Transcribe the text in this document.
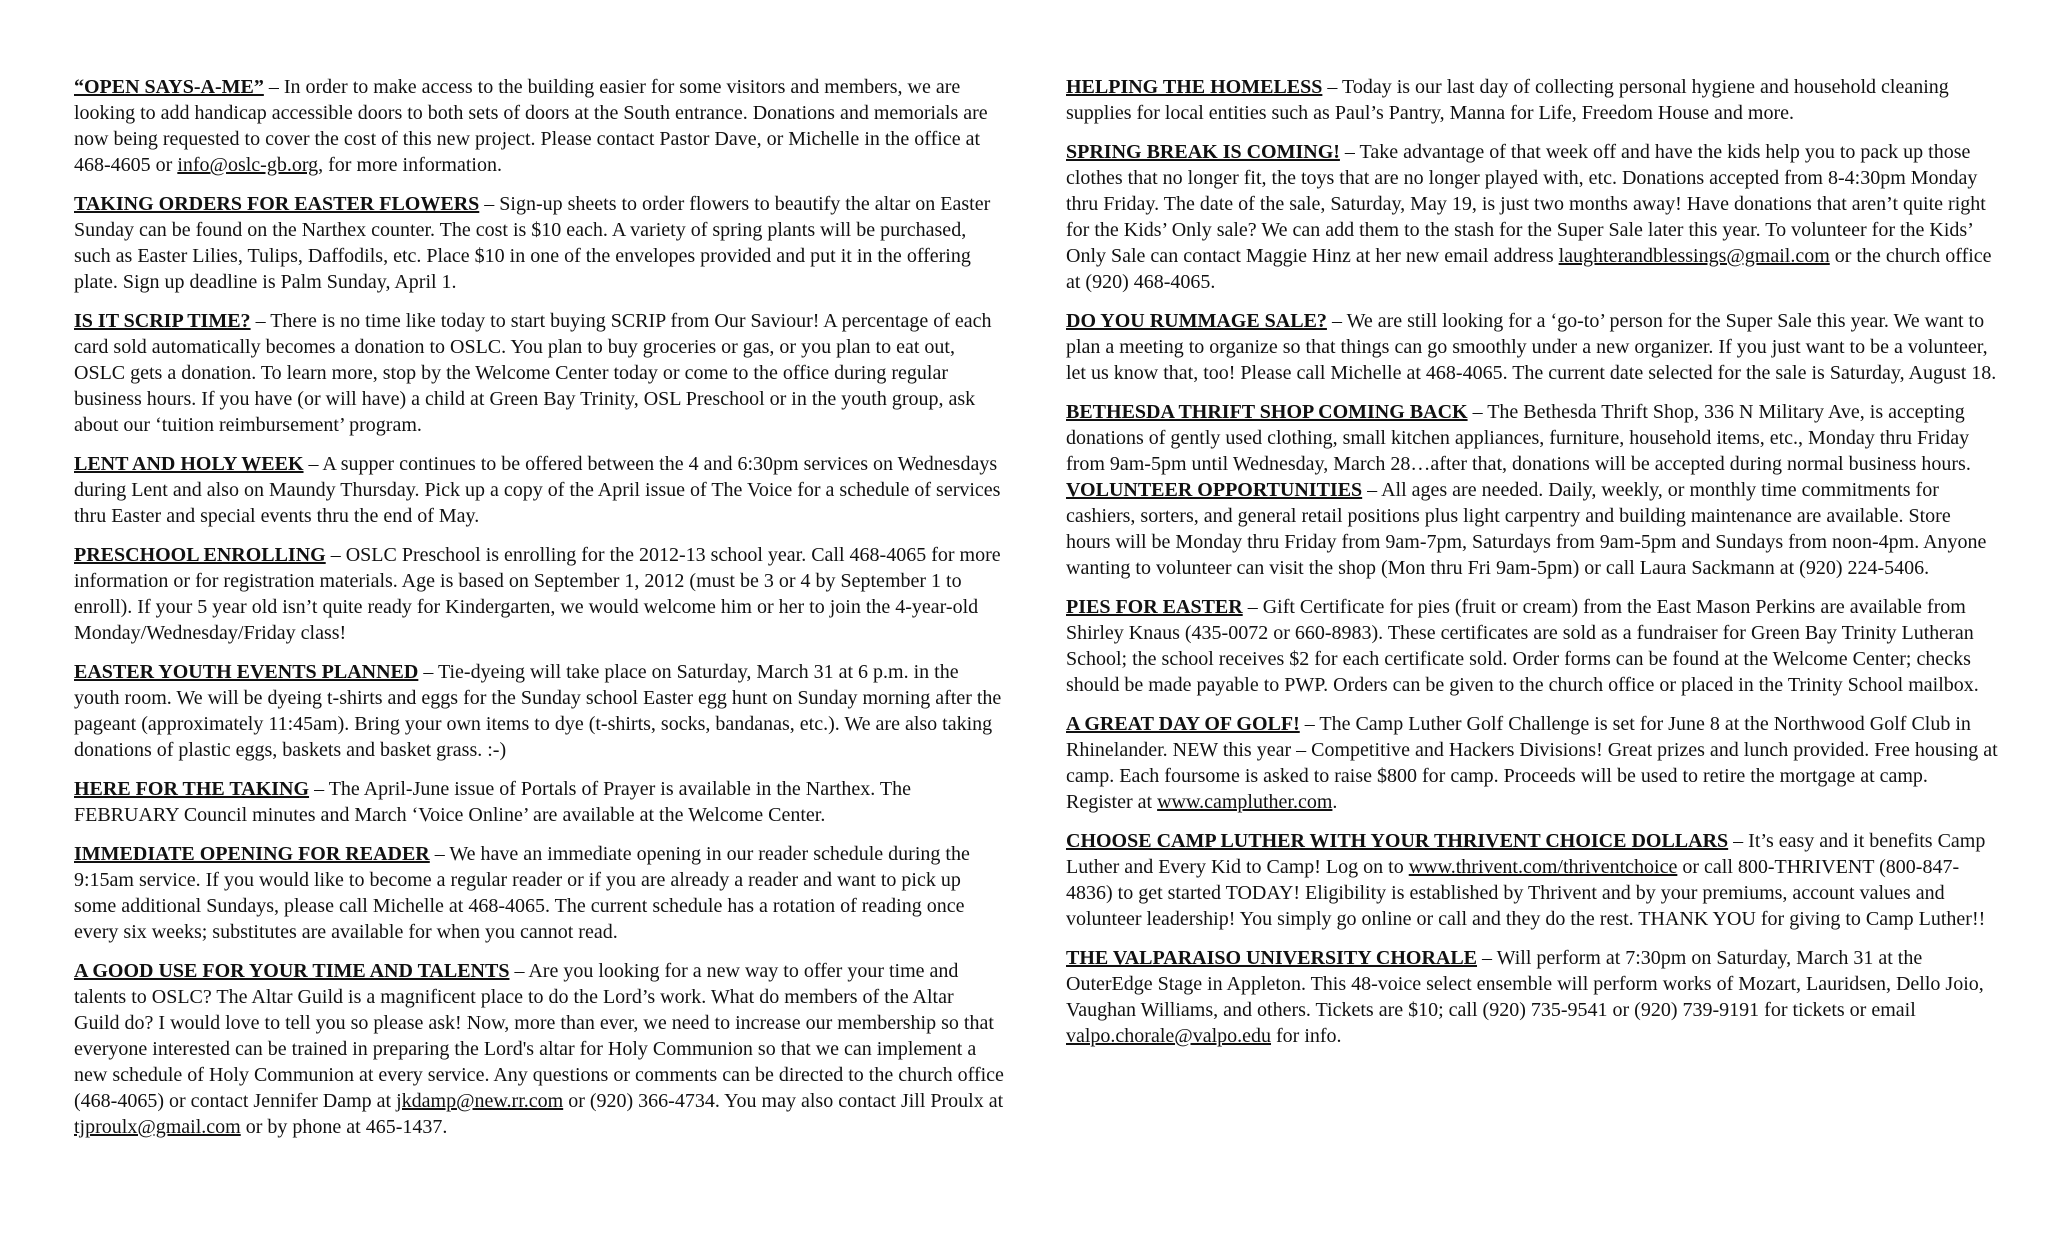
“OPEN SAYS-A-ME” – In order to make access to the building easier for some visitors and members, we are looking to add handicap accessible doors to both sets of doors at the South entrance. Donations and memorials are now being requested to cover the cost of this new project. Please contact Pastor Dave, or Michelle in the office at 468-4605 or info@oslc-gb.org, for more information.

TAKING ORDERS FOR EASTER FLOWERS – Sign-up sheets to order flowers to beautify the altar on Easter Sunday can be found on the Narthex counter. The cost is $10 each. A variety of spring plants will be purchased, such as Easter Lilies, Tulips, Daffodils, etc. Place $10 in one of the envelopes provided and put it in the offering plate. Sign up deadline is Palm Sunday, April 1.

IS IT SCRIP TIME? – There is no time like today to start buying SCRIP from Our Saviour! A percentage of each card sold automatically becomes a donation to OSLC. You plan to buy groceries or gas, or you plan to eat out, OSLC gets a donation. To learn more, stop by the Welcome Center today or come to the office during regular business hours. If you have (or will have) a child at Green Bay Trinity, OSL Preschool or in the youth group, ask about our ‘tuition reimbursement’ program.

LENT AND HOLY WEEK – A supper continues to be offered between the 4 and 6:30pm services on Wednesdays during Lent and also on Maundy Thursday. Pick up a copy of the April issue of The Voice for a schedule of services thru Easter and special events thru the end of May.

PRESCHOOL ENROLLING – OSLC Preschool is enrolling for the 2012-13 school year. Call 468-4065 for more information or for registration materials. Age is based on September 1, 2012 (must be 3 or 4 by September 1 to enroll). If your 5 year old isn’t quite ready for Kindergarten, we would welcome him or her to join the 4-year-old Monday/Wednesday/Friday class!

EASTER YOUTH EVENTS PLANNED – Tie-dyeing will take place on Saturday, March 31 at 6 p.m. in the youth room. We will be dyeing t-shirts and eggs for the Sunday school Easter egg hunt on Sunday morning after the pageant (approximately 11:45am). Bring your own items to dye (t-shirts, socks, bandanas, etc.). We are also taking donations of plastic eggs, baskets and basket grass. :-)

HERE FOR THE TAKING – The April-June issue of Portals of Prayer is available in the Narthex. The FEBRUARY Council minutes and March ‘Voice Online’ are available at the Welcome Center.

IMMEDIATE OPENING FOR READER – We have an immediate opening in our reader schedule during the 9:15am service. If you would like to become a regular reader or if you are already a reader and want to pick up some additional Sundays, please call Michelle at 468-4065. The current schedule has a rotation of reading once every six weeks; substitutes are available for when you cannot read.

A GOOD USE FOR YOUR TIME AND TALENTS – Are you looking for a new way to offer your time and talents to OSLC? The Altar Guild is a magnificent place to do the Lord’s work. What do members of the Altar Guild do? I would love to tell you so please ask! Now, more than ever, we need to increase our membership so that everyone interested can be trained in preparing the Lord's altar for Holy Communion so that we can implement a new schedule of Holy Communion at every service. Any questions or comments can be directed to the church office (468-4065) or contact Jennifer Damp at jkdamp@new.rr.com or (920) 366-4734. You may also contact Jill Proulx at tjproulx@gmail.com or by phone at 465-1437.

HELPING THE HOMELESS – Today is our last day of collecting personal hygiene and household cleaning supplies for local entities such as Paul’s Pantry, Manna for Life, Freedom House and more.

SPRING BREAK IS COMING! – Take advantage of that week off and have the kids help you to pack up those clothes that no longer fit, the toys that are no longer played with, etc. Donations accepted from 8-4:30pm Monday thru Friday. The date of the sale, Saturday, May 19, is just two months away! Have donations that aren’t quite right for the Kids’ Only sale? We can add them to the stash for the Super Sale later this year. To volunteer for the Kids’ Only Sale can contact Maggie Hinz at her new email address laughterandblessings@gmail.com or the church office at (920) 468-4065.

DO YOU RUMMAGE SALE? – We are still looking for a ‘go-to’ person for the Super Sale this year. We want to plan a meeting to organize so that things can go smoothly under a new organizer. If you just want to be a volunteer, let us know that, too! Please call Michelle at 468-4065. The current date selected for the sale is Saturday, August 18.

BETHESDA THRIFT SHOP COMING BACK – The Bethesda Thrift Shop, 336 N Military Ave, is accepting donations of gently used clothing, small kitchen appliances, furniture, household items, etc., Monday thru Friday from 9am-5pm until Wednesday, March 28…after that, donations will be accepted during normal business hours. VOLUNTEER OPPORTUNITIES – All ages are needed. Daily, weekly, or monthly time commitments for cashiers, sorters, and general retail positions plus light carpentry and building maintenance are available. Store hours will be Monday thru Friday from 9am-7pm, Saturdays from 9am-5pm and Sundays from noon-4pm. Anyone wanting to volunteer can visit the shop (Mon thru Fri 9am-5pm) or call Laura Sackmann at (920) 224-5406.

PIES FOR EASTER – Gift Certificate for pies (fruit or cream) from the East Mason Perkins are available from Shirley Knaus (435-0072 or 660-8983). These certificates are sold as a fundraiser for Green Bay Trinity Lutheran School; the school receives $2 for each certificate sold. Order forms can be found at the Welcome Center; checks should be made payable to PWP. Orders can be given to the church office or placed in the Trinity School mailbox.

A GREAT DAY OF GOLF! – The Camp Luther Golf Challenge is set for June 8 at the Northwood Golf Club in Rhinelander. NEW this year – Competitive and Hackers Divisions! Great prizes and lunch provided. Free housing at camp. Each foursome is asked to raise $800 for camp. Proceeds will be used to retire the mortgage at camp. Register at www.campluther.com.

CHOOSE CAMP LUTHER WITH YOUR THRIVENT CHOICE DOLLARS – It’s easy and it benefits Camp Luther and Every Kid to Camp! Log on to www.thrivent.com/thriventchoice or call 800-THRIVENT (800-847-4836) to get started TODAY! Eligibility is established by Thrivent and by your premiums, account values and volunteer leadership! You simply go online or call and they do the rest. THANK YOU for giving to Camp Luther!!

THE VALPARAISO UNIVERSITY CHORALE – Will perform at 7:30pm on Saturday, March 31 at the OuterEdge Stage in Appleton. This 48-voice select ensemble will perform works of Mozart, Lauridsen, Dello Joio, Vaughan Williams, and others. Tickets are $10; call (920) 735-9541 or (920) 739-9191 for tickets or email valpo.chorale@valpo.edu for info.
